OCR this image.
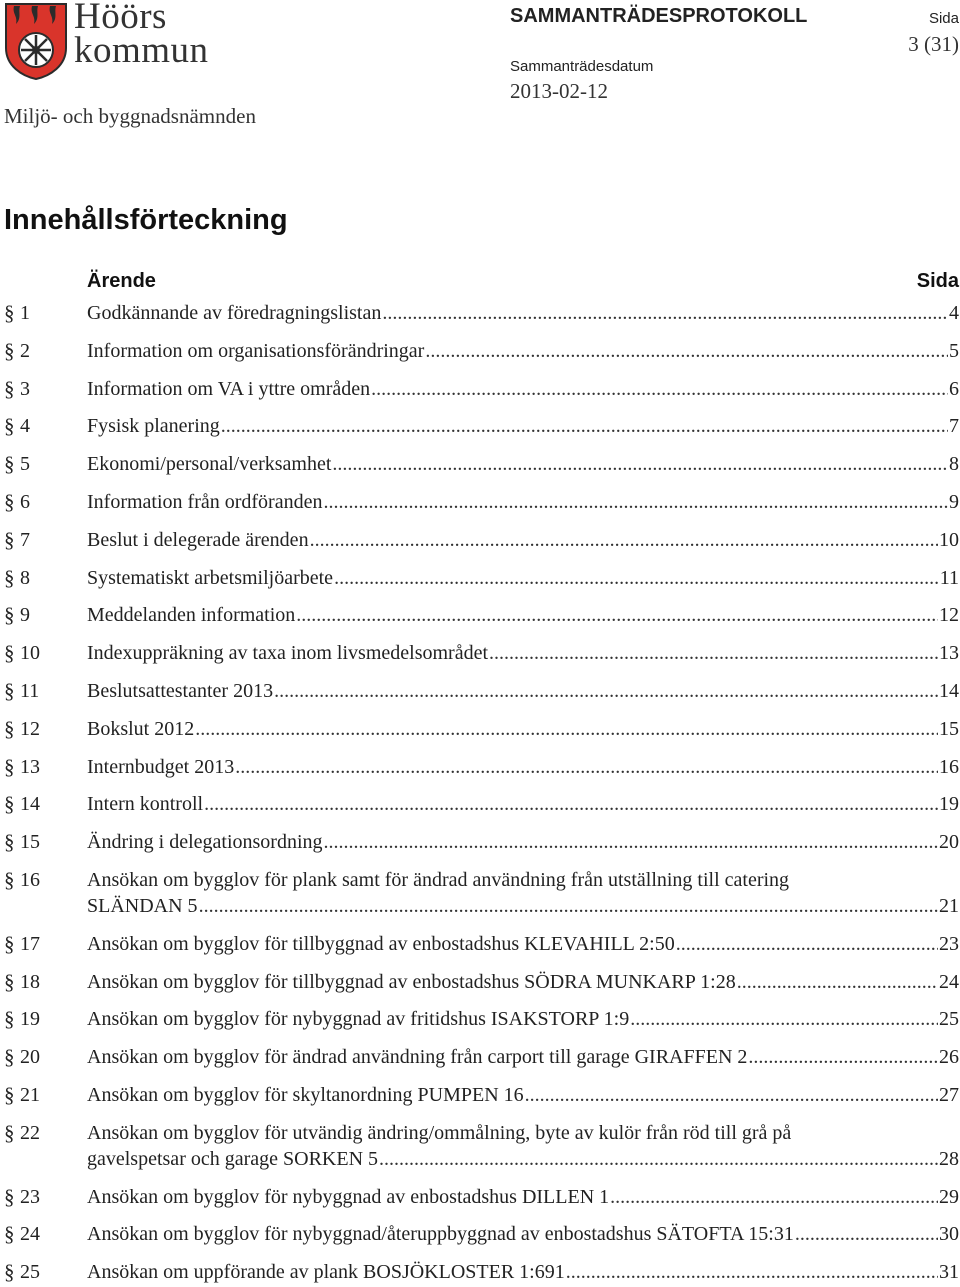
Höörs
kommun
Miljö- och byggnadsnämnden
SAMMANTRÄDESPROTOKOLL
Sammanträdesdatum
2013-02-12
Sida
3 (31)
Innehållsförteckning
Ärende	Sida
§ 1	Godkännande av föredragningslistan .....	4
§ 2	Information om organisationsförändringar .....	5
§ 3	Information om VA i yttre områden .....	6
§ 4	Fysisk planering .....	7
§ 5	Ekonomi/personal/verksamhet .....	8
§ 6	Information från ordföranden .....	9
§ 7	Beslut i delegerade ärenden .....	10
§ 8	Systematiskt arbetsmiljöarbete .....	11
§ 9	Meddelanden information .....	12
§ 10 Indexuppräkning av taxa inom livsmedelsområdet .....	13
§ 11 Beslutsattestanter 2013 .....	14
§ 12 Bokslut 2012 .....	15
§ 13 Internbudget 2013 .....	16
§ 14 Intern kontroll .....	19
§ 15 Ändring i delegationsordning .....	20
§ 16 Ansökan om bygglov för plank samt för ändrad användning från utställning till catering
SLÄNDAN 5 .....	21
§ 17 Ansökan om bygglov för tillbyggnad av enbostadshus KLEVAHILL 2:50 .....	23
§ 18 Ansökan om bygglov för tillbyggnad av enbostadshus SÖDRA MUNKARP 1:28 .....	24
§ 19 Ansökan om bygglov för nybyggnad av fritidshus ISAKSTORP 1:9 .....	25
§ 20 Ansökan om bygglov för ändrad användning från carport till garage GIRAFFEN 2 .....	26
§ 21 Ansökan om bygglov för skyltanordning PUMPEN 16 .....	27
§ 22 Ansökan om bygglov för utvändig ändring/ommålning, byte av kulör från röd till grå på
gavelspetsar och garage SORKEN 5 .....	28
§ 23 Ansökan om bygglov för nybyggnad av enbostadshus DILLEN 1 .....	29
§ 24 Ansökan om bygglov för nybyggnad/återuppbyggnad av enbostadshus SÄTOFTA 15:31 .....	30
§ 25 Ansökan om uppförande av plank BOSJÖKLOSTER 1:691 .....	31
